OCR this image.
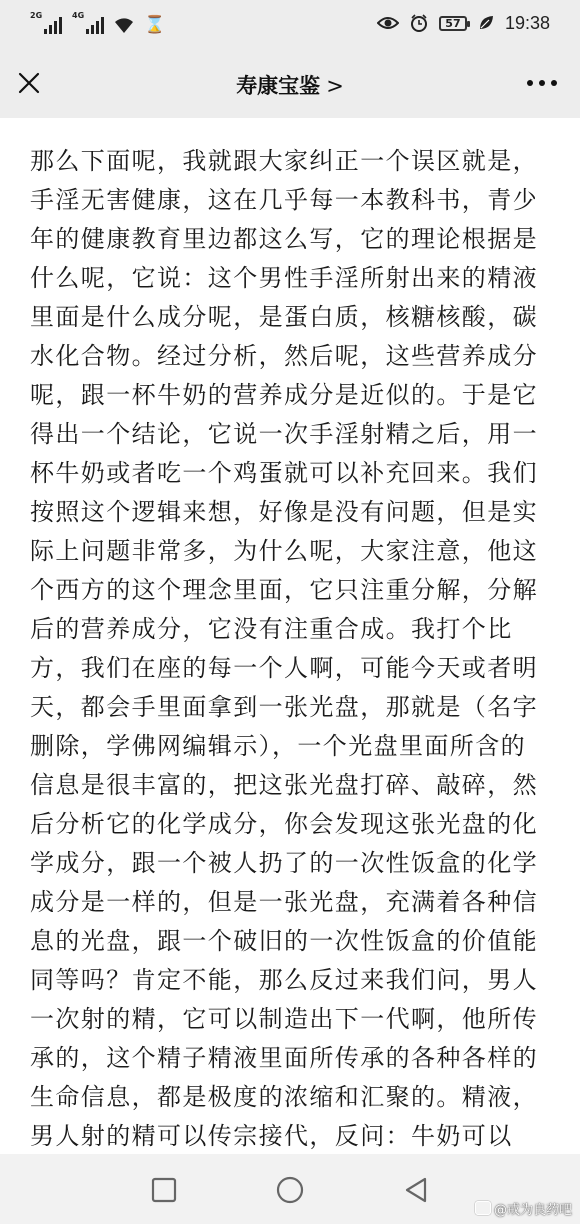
2G	4G	⌛	57	19:38
寿康宝鉴 >

那么下面呢，我就跟大家纠正一个误区就是，手淫无害健康，这在几乎每一本教科书，青少年的健康教育里边都这么写，它的理论根据是什么呢，它说：这个男性手淫所射出来的精液里面是什么成分呢，是蛋白质，核糖核酸，碳水化合物。经过分析，然后呢，这些营养成分呢，跟一杯牛奶的营养成分是近似的。于是它得出一个结论，它说一次手淫射精之后，用一杯牛奶或者吃一个鸡蛋就可以补充回来。我们按照这个逻辑来想，好像是没有问题，但是实际上问题非常多，为什么呢，大家注意，他这个西方的这个理念里面，它只注重分解，分解后的营养成分，它没有注重合成。我打个比方，我们在座的每一个人啊，可能今天或者明天，都会手里面拿到一张光盘，那就是（名字删除，学佛网编辑示），一个光盘里面所含的信息是很丰富的，把这张光盘打碎、敲碎，然后分析它的化学成分，你会发现这张光盘的化学成分，跟一个被人扔了的一次性饭盒的化学成分是一样的，但是一张光盘，充满着各种信息的光盘，跟一个破旧的一次性饭盒的价值能同等吗？肯定不能，那么反过来我们问，男人一次射的精，它可以制造出下一代啊，他所传承的，这个精子精液里面所传承的各种各样的生命信息，都是极度的浓缩和汇聚的。精液，男人射的精可以传宗接代，反问：牛奶可以

@戒为良药吧
